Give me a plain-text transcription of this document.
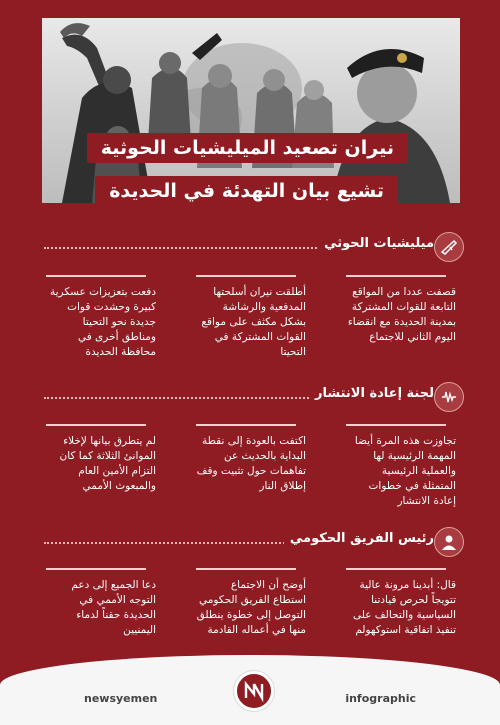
نيران تصعيد الميليشيات الحوثية
تشيع بيان التهدئة في الحديدة
ميليشيات الحوثي
قصفت عددا من المواقع التابعة للقوات المشتركة بمدينة الحديدة مع انقضاء اليوم الثاني للاجتماع
أطلقت نيران أسلحتها المدفعية والرشاشة بشكل مكثف على مواقع القوات المشتركة في التحيتا
دفعت بتعزيزات عسكرية كبيرة وحشدت قوات جديدة نحو التحيتا ومناطق أخرى في محافظة الحديدة
لجنة إعادة الانتشار
تجاوزت هذه المرة أيضا المهمة الرئيسية لها والعملية الرئيسية المتمثلة في خطوات إعادة الانتشار
اكتفت بالعودة إلى نقطة البداية بالحديث عن تفاهمات حول تثبيت وقف إطلاق النار
لم يتطرق بيانها لإخلاء الموانئ الثلاثة كما كان التزام الأمين العام والمبعوث الأممي
رئيس الفريق الحكومي
قال: أبدينا مرونة عالية تتويجاً لحرص قيادتنا السياسية والتحالف على تنفيذ اتفاقية استوكهولم
أوضح أن الاجتماع استطاع الفريق الحكومي التوصل إلى خطوة ينطلق منها في أعماله القادمة
دعا الجميع إلى دعم التوجه الأممي في الحديدة حقناً لدماء اليمنيين
newsyemen	infographic
